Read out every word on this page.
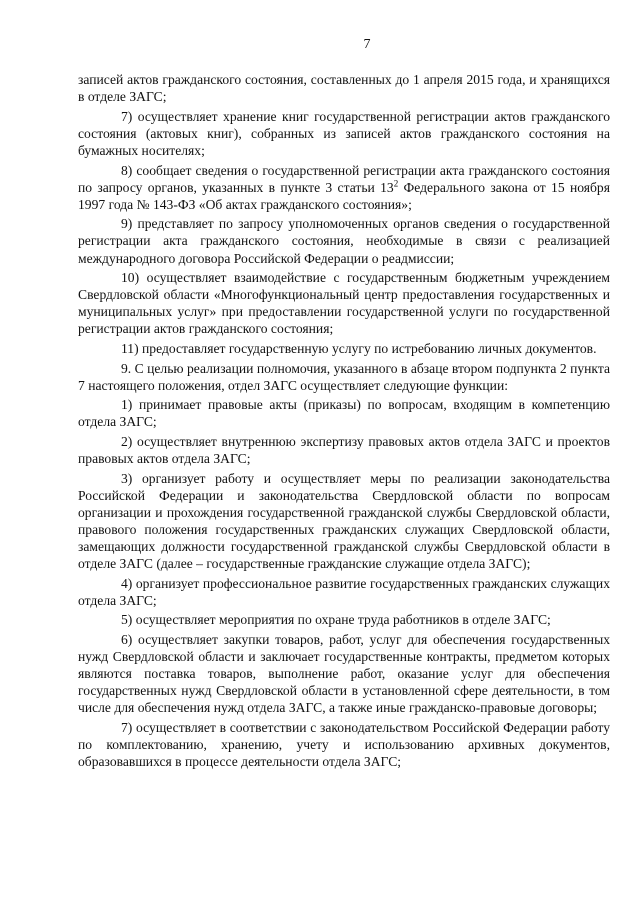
7

записей актов гражданского состояния, составленных до 1 апреля 2015 года, и хранящихся в отделе ЗАГС;

7) осуществляет хранение книг государственной регистрации актов гражданского состояния (актовых книг), собранных из записей актов гражданского состояния на бумажных носителях;

8) сообщает сведения о государственной регистрации акта гражданского состояния по запросу органов, указанных в пункте 3 статьи $13^2$ Федерального закона от 15 ноября 1997 года № 143-ФЗ «Об актах гражданского состояния»;

9) представляет по запросу уполномоченных органов сведения о государственной регистрации акта гражданского состояния, необходимые в связи с реализацией международного договора Российской Федерации о реадмиссии;

10) осуществляет взаимодействие с государственным бюджетным учреждением Свердловской области «Многофункциональный центр предоставления государственных и муниципальных услуг» при предоставлении государственной услуги по государственной регистрации актов гражданского состояния;

11) предоставляет государственную услугу по истребованию личных документов.

9. С целью реализации полномочия, указанного в абзаце втором подпункта 2 пункта 7 настоящего положения, отдел ЗАГС осуществляет следующие функции:

1) принимает правовые акты (приказы) по вопросам, входящим в компетенцию отдела ЗАГС;

2) осуществляет внутреннюю экспертизу правовых актов отдела ЗАГС и проектов правовых актов отдела ЗАГС;

3) организует работу и осуществляет меры по реализации законодательства Российской Федерации и законодательства Свердловской области по вопросам организации и прохождения государственной гражданской службы Свердловской области, правового положения государственных гражданских служащих Свердловской области, замещающих должности государственной гражданской службы Свердловской области в отделе ЗАГС (далее – государственные гражданские служащие отдела ЗАГС);

4) организует профессиональное развитие государственных гражданских служащих отдела ЗАГС;

5) осуществляет мероприятия по охране труда работников в отделе ЗАГС;

6) осуществляет закупки товаров, работ, услуг для обеспечения государственных нужд Свердловской области и заключает государственные контракты, предметом которых являются поставка товаров, выполнение работ, оказание услуг для обеспечения государственных нужд Свердловской области в установленной сфере деятельности, в том числе для обеспечения нужд отдела ЗАГС, а также иные гражданско-правовые договоры;

7) осуществляет в соответствии с законодательством Российской Федерации работу по комплектованию, хранению, учету и использованию архивных документов, образовавшихся в процессе деятельности отдела ЗАГС;
